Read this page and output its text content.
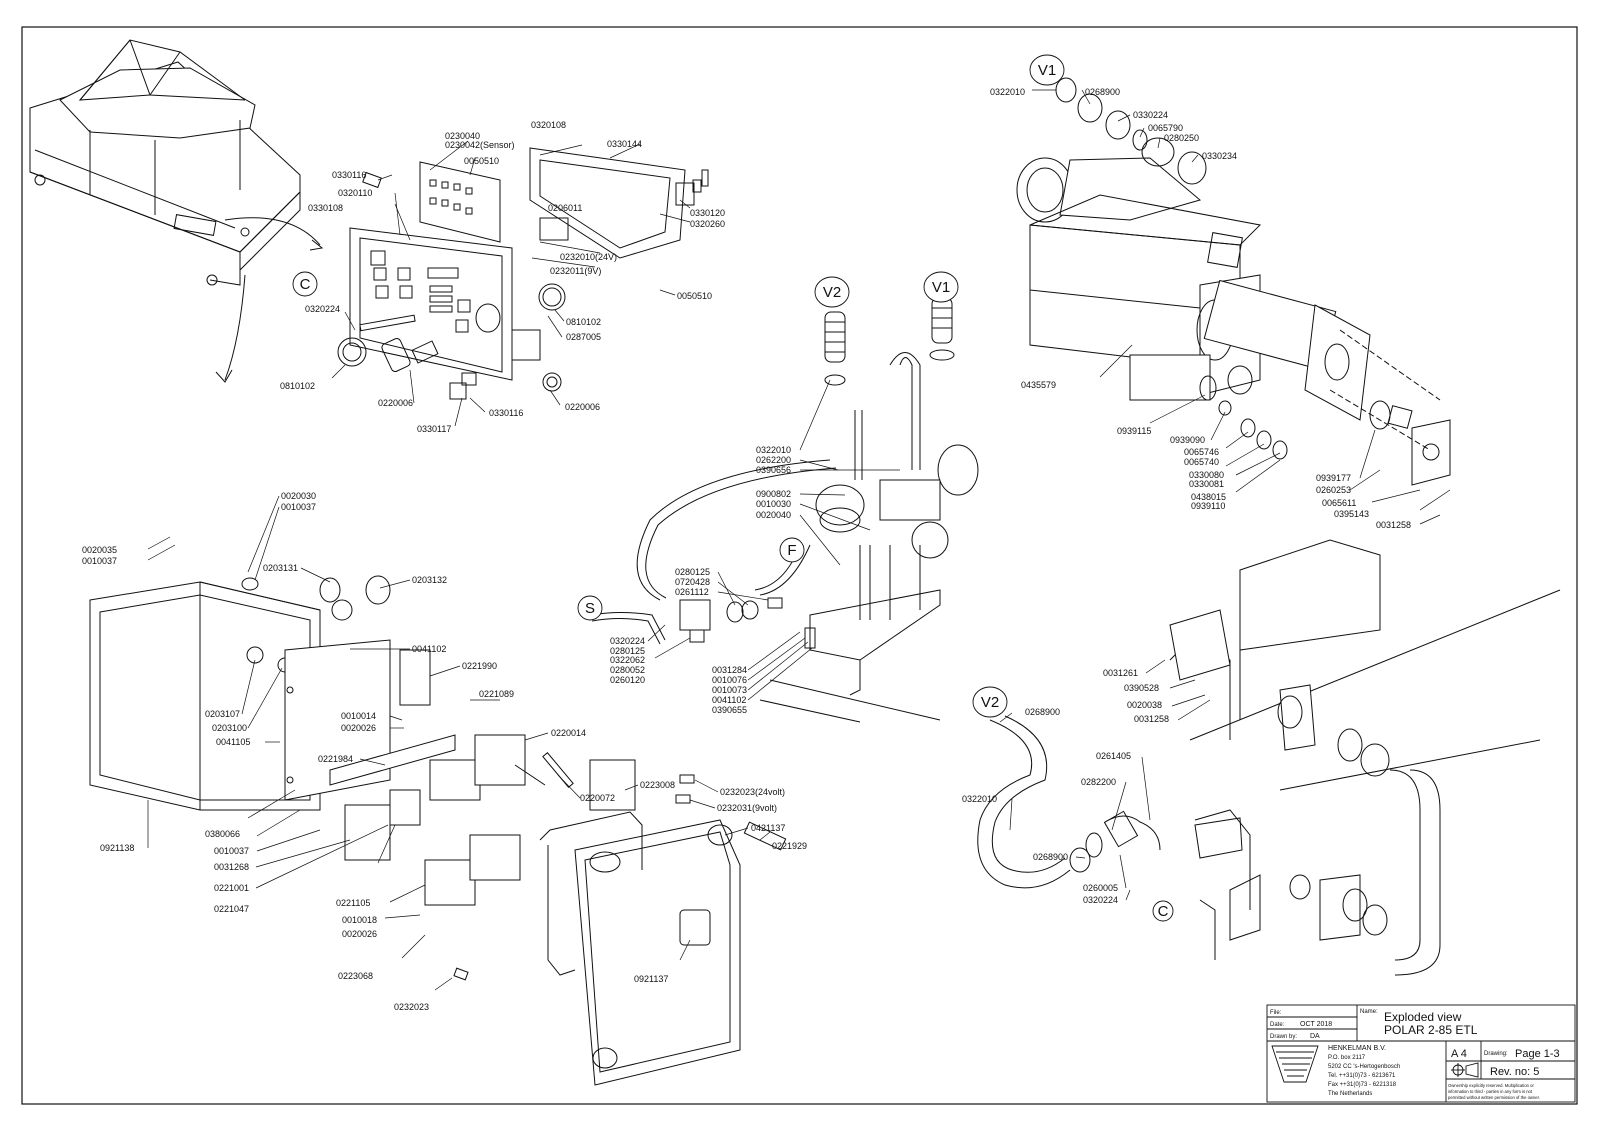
C
V1
V2	V1
V2
F
S
C
0330116
0320110
0330108
0230040
0230042(Sensor)
0050510
0320108
0330144
0206011	0330120
0320260
0232010(24V)
0232011(9V)
0050510
0320224
0810102
0287005
0810102
0220006	0220006
0330116
0330117
0322010	0268900
0330224
0065790
0280250
0330234
0435579
0939115
0939090
0065746
0065740
0330080
0330081
0438015
0939110
0939177
0260253
0065611
0395143
0031258
0322010
0262200
0390656
0900802
0010030
0020040
0280125
0720428
0261112
0320224
0280125
0322062
0280052
0260120
0031284
0010076
0010073
0041102
0390655
0020030
0010037
0020035
0010037
0203131
0203132
0041102
0221990
0203107
0203100
0041105
0010014
0020026
0221089
0220014
0221984
0220072
0223008
0232023(24volt)
0232031(9volt)
0921138
0380066
0010037
0031268
0221001
0221047
0221105
0010018
0020026
0223068
0232023
0421137
0221929
0921137
0031261
0390528
0020038
0031258
0268900
0261405
0322010
0282200
0268900
0260005
0320224
File:
Date: OCT 2018
Drawn by: DA
Name: Exploded view
POLAR 2-85 ETL
HENKELMAN B.V.
P.O. box 2117
5202 CC 's-Hertogenbosch
Tel. ++31(0)73 - 6213671
Fax ++31(0)73 - 6221318
The Netherlands
A 4	Drawing: Page 1-3
Rev. no: 5
Ownership explicitly reserved. Multiplication or
information to third - parties in any form is not
permitted without written permission of the owner.
